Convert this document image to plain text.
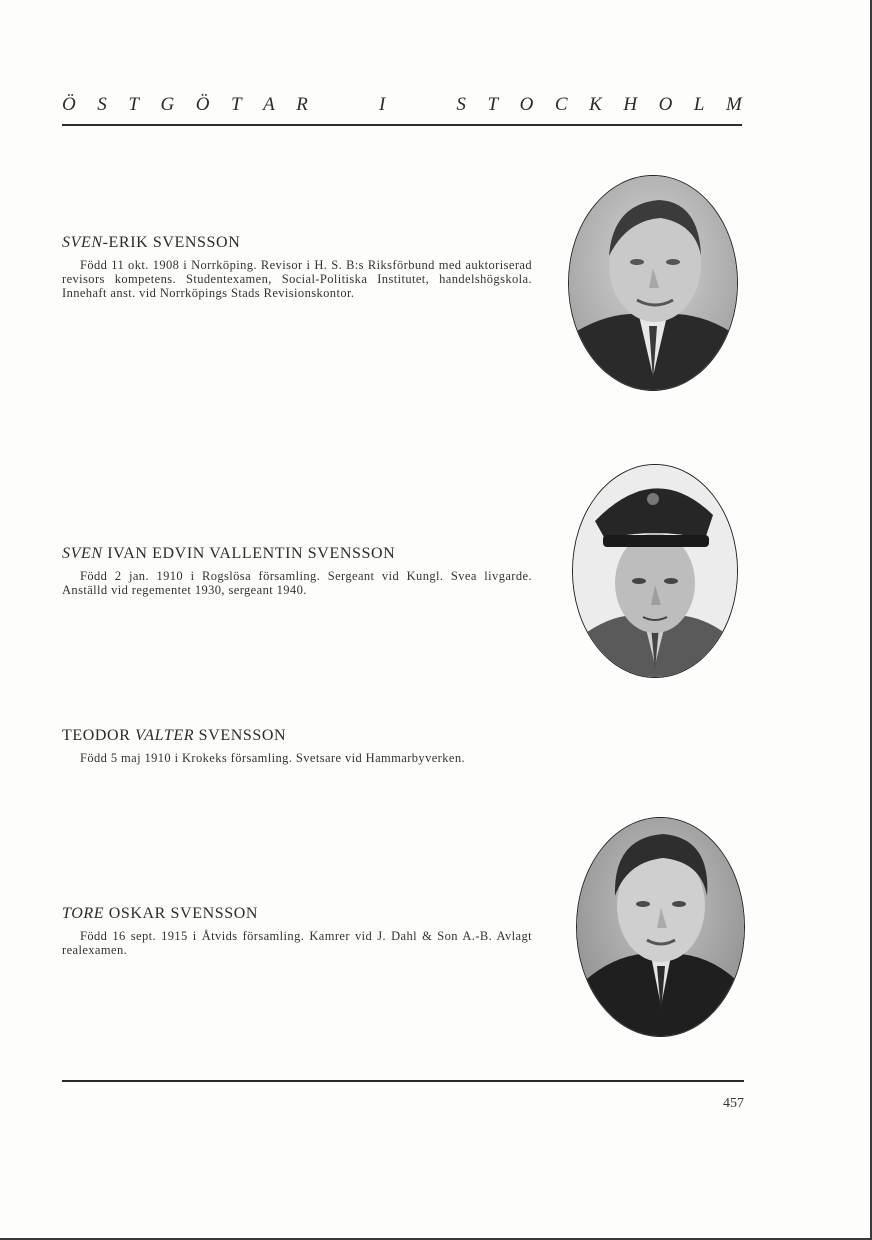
Ö S T G Ö T A R	I	S T O C K H O L M
SVEN-ERIK SVENSSON
Född 11 okt. 1908 i Norrköping. Revisor i H. S. B:s Riksförbund med auktoriserad revisors kompetens. Studentexamen, Social-Politiska Institutet, handelshögskola. Innehaft anst. vid Norrköpings Stads Revisionskontor.
SVEN IVAN EDVIN VALLENTIN SVENSSON
Född 2 jan. 1910 i Rogslösa församling. Sergeant vid Kungl. Svea livgarde. Anställd vid regementet 1930, sergeant 1940.
TEODOR VALTER SVENSSON
Född 5 maj 1910 i Krokeks församling. Svetsare vid Hammarbyverken.
TORE OSKAR SVENSSON
Född 16 sept. 1915 i Åtvids församling. Kamrer vid J. Dahl & Son A.-B. Avlagt realexamen.
457
